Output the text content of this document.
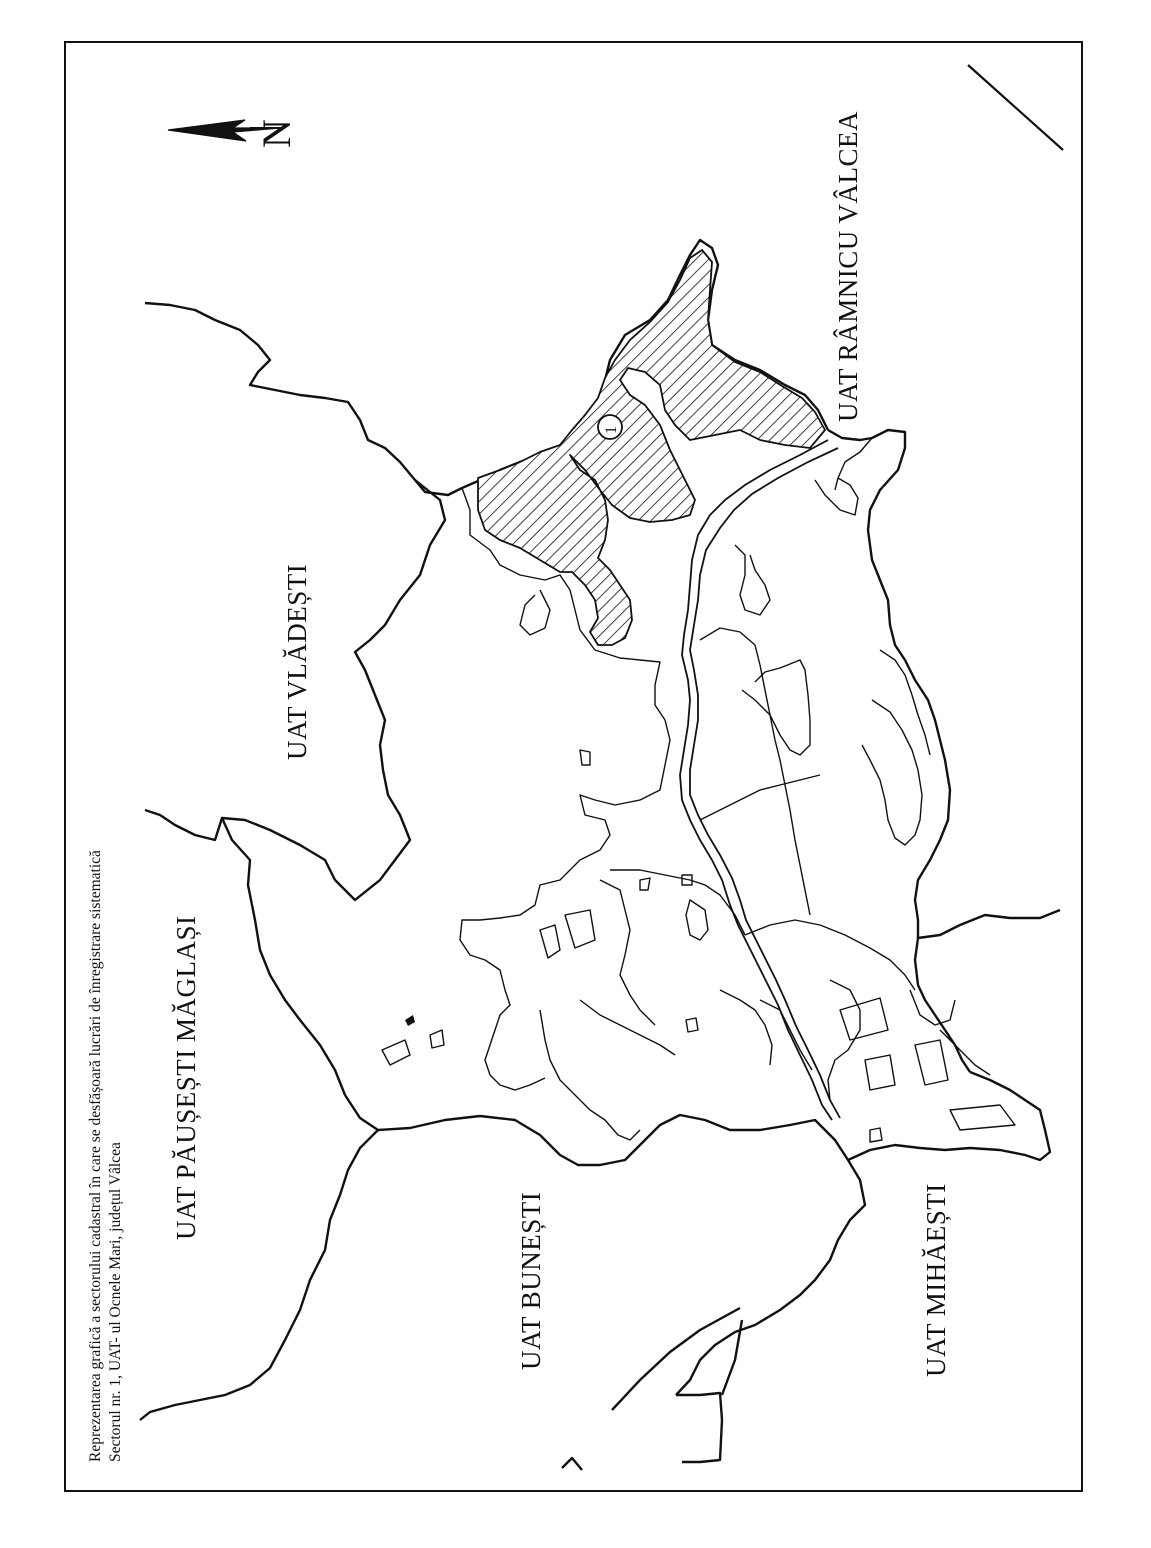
N
1
UAT PĂUȘEȘTI MĂGLAȘI
UAT VLĂDEȘTI
UAT BUNEȘTI
UAT RÂMNICU VÂLCEA
UAT MIHĂEȘTI
Reprezentarea grafică a sectorului cadastral în care se desfășoară lucrări de înregistrare sistematică Sectorul nr. 1, UAT- ul Ocnele Mari, județul Vâlcea
